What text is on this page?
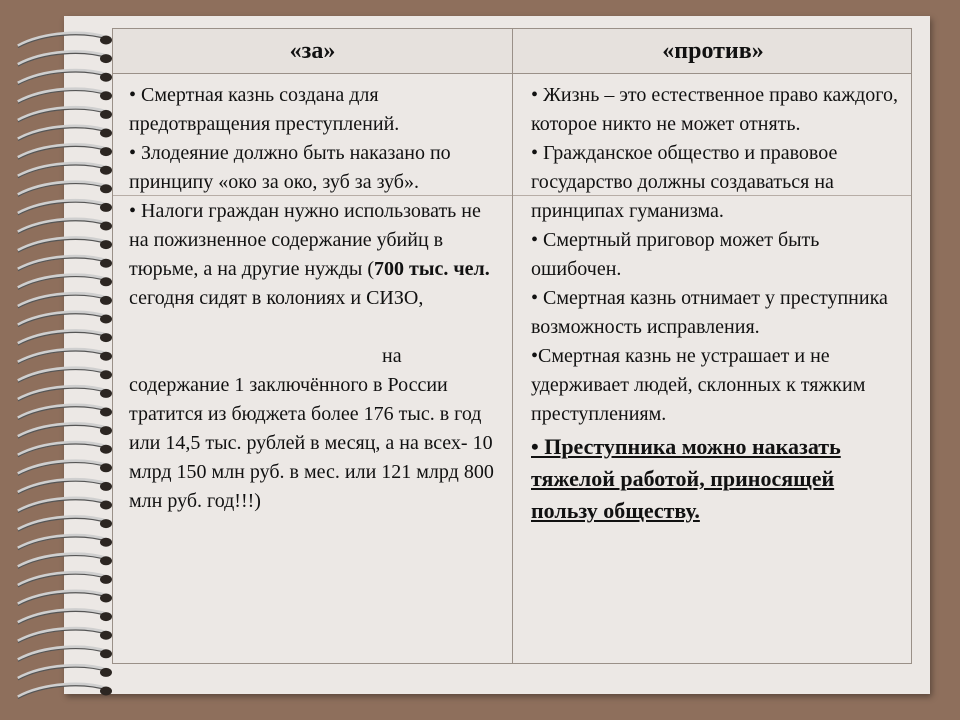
«за»	«против»

• Смертная казнь создана для предотвращения преступлений.

• Злодеяние должно быть наказано по принципу «око за око, зуб за зуб».

• Налоги граждан нужно использовать не на пожизненное содержание убийц в тюрьме, а на другие нужды (700 тыс. чел. сегодня сидят в колониях и СИЗО,

на

содержание 1 заключённого в России тратится из бюджета более 176 тыс. в год или 14,5 тыс. рублей в месяц, а на всех- 10 млрд 150 млн руб. в мес. или 121 млрд 800 млн руб. год!!!)

• Жизнь – это естественное право каждого, которое никто не может отнять.

• Гражданское общество и правовое государство должны создаваться на принципах гуманизма.

• Смертный приговор может быть ошибочен.

• Смертная казнь отнимает у преступника возможность исправления.

•Смертная казнь не устрашает и не удерживает людей, склонных к тяжким преступлениям.

• Преступника можно наказать тяжелой работой, приносящей пользу обществу.
